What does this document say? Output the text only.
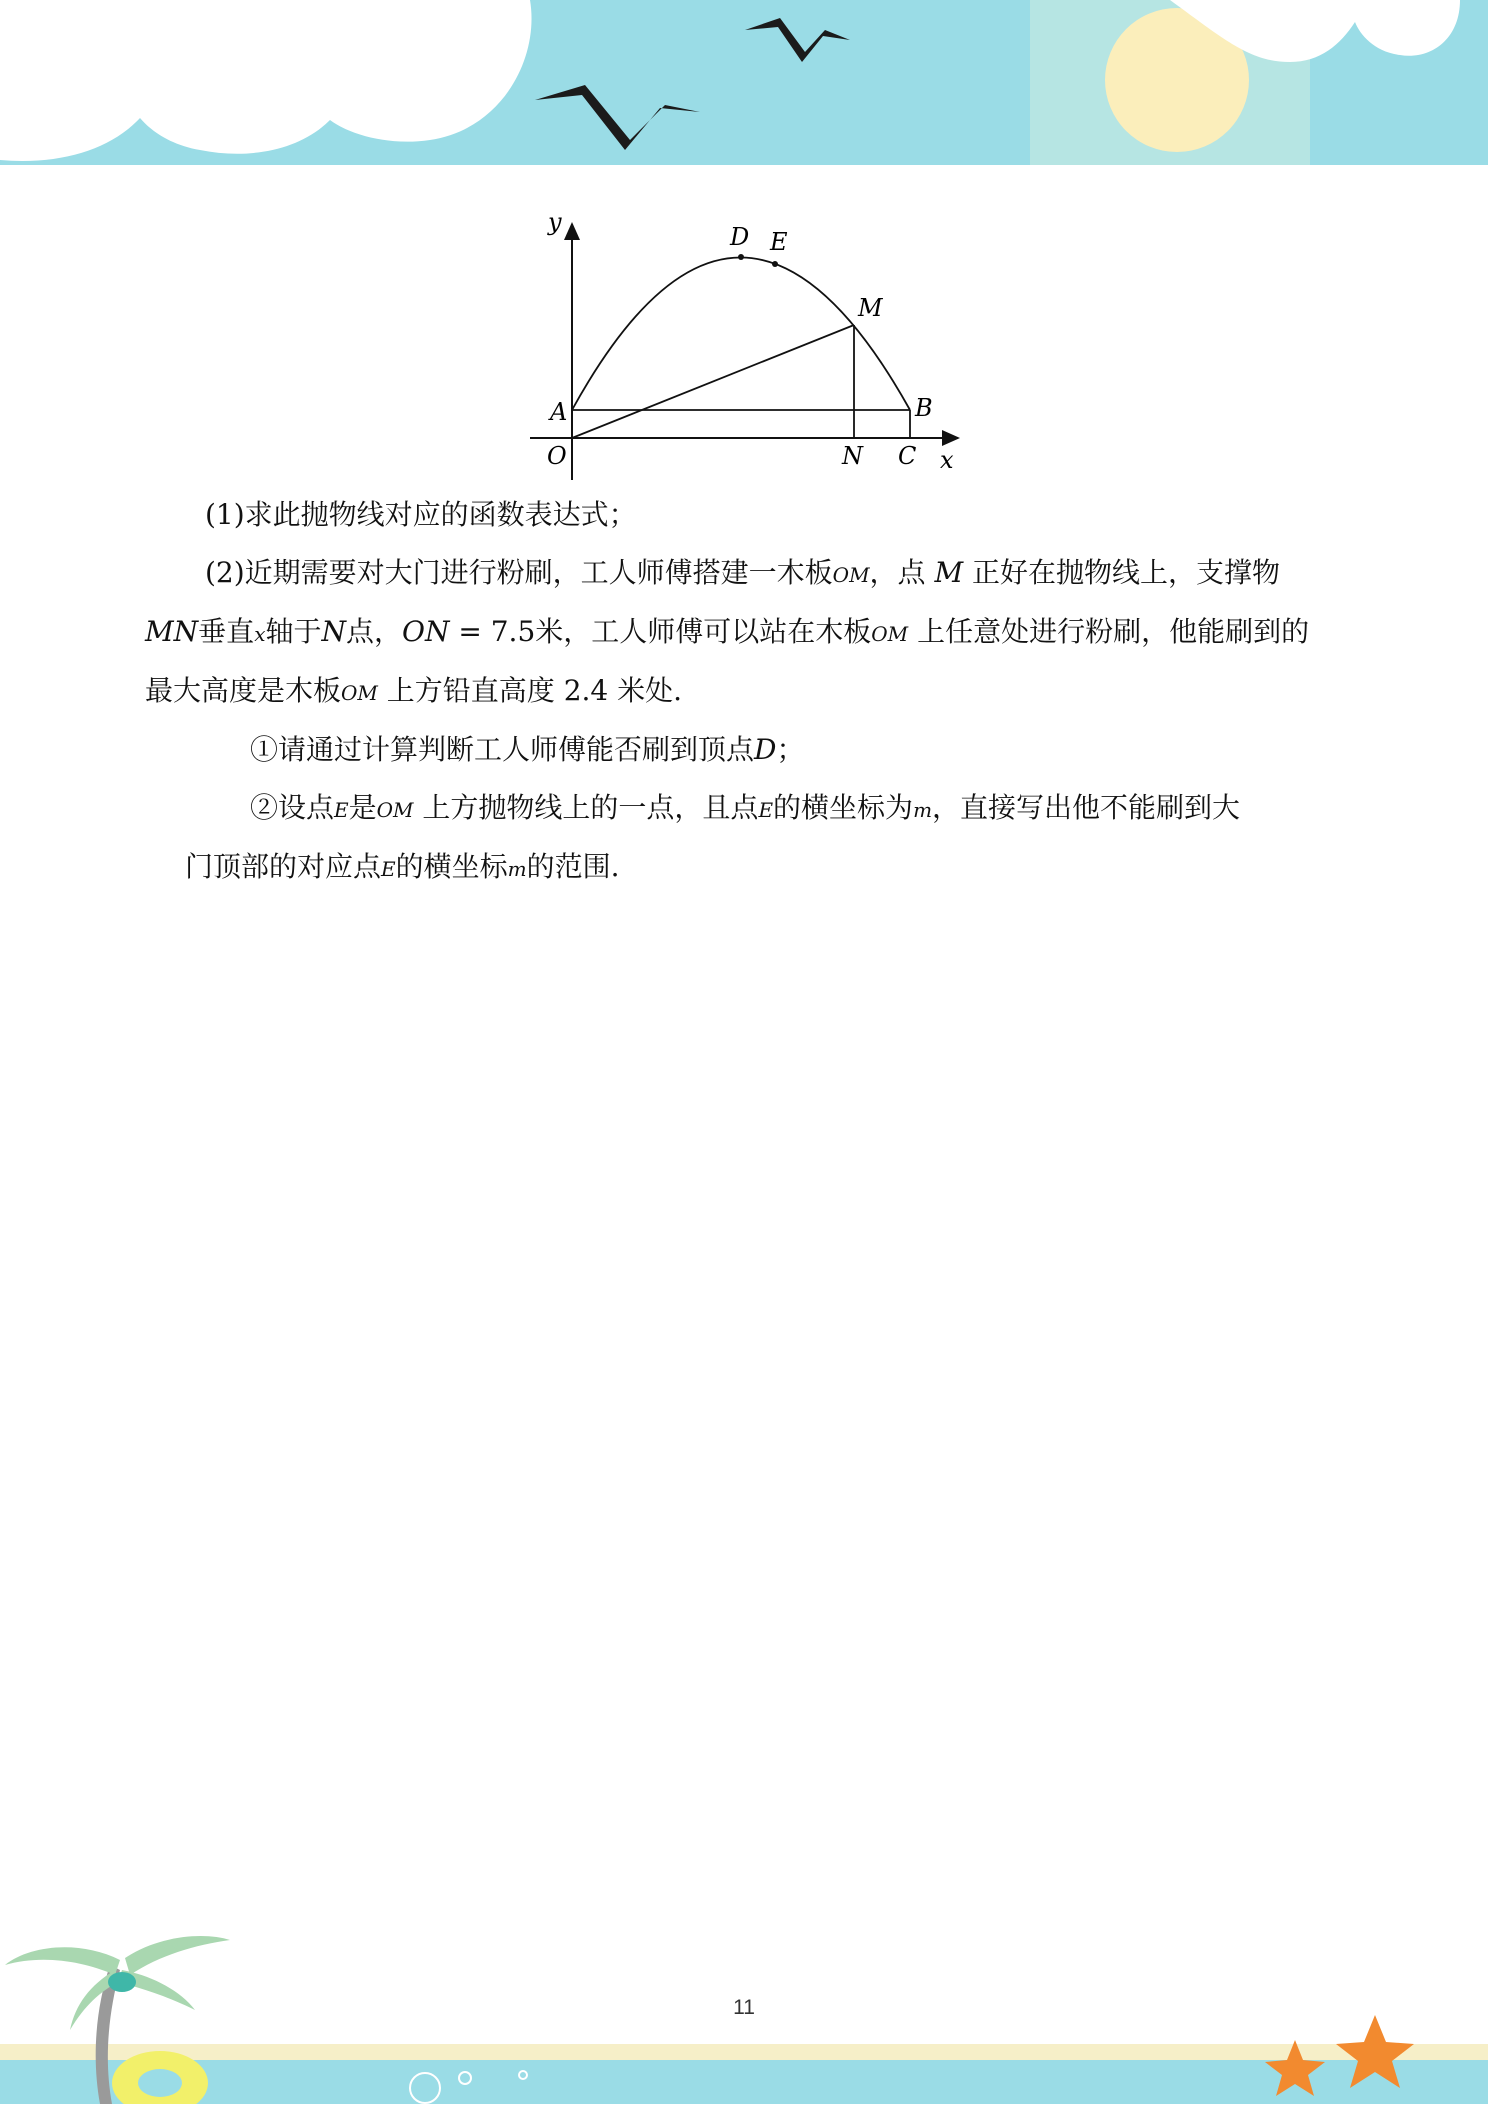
y
x
O
A	B
C
D E
M
N

(1)求此抛物线对应的函数表达式；

(2)近期需要对大门进行粉刷，工人师傅搭建一木板OM，点 M 正好在抛物线上，支撑物

MN垂直x轴于N点，ON = 7.5米，工人师傅可以站在木板OM 上任意处进行粉刷，他能刷到的

最大高度是木板OM 上方铅直高度 2.4 米处.

①请通过计算判断工人师傅能否刷到顶点D；

②设点E是OM 上方抛物线上的一点，且点E的横坐标为m，直接写出他不能刷到大

门顶部的对应点E的横坐标m的范围.

11
